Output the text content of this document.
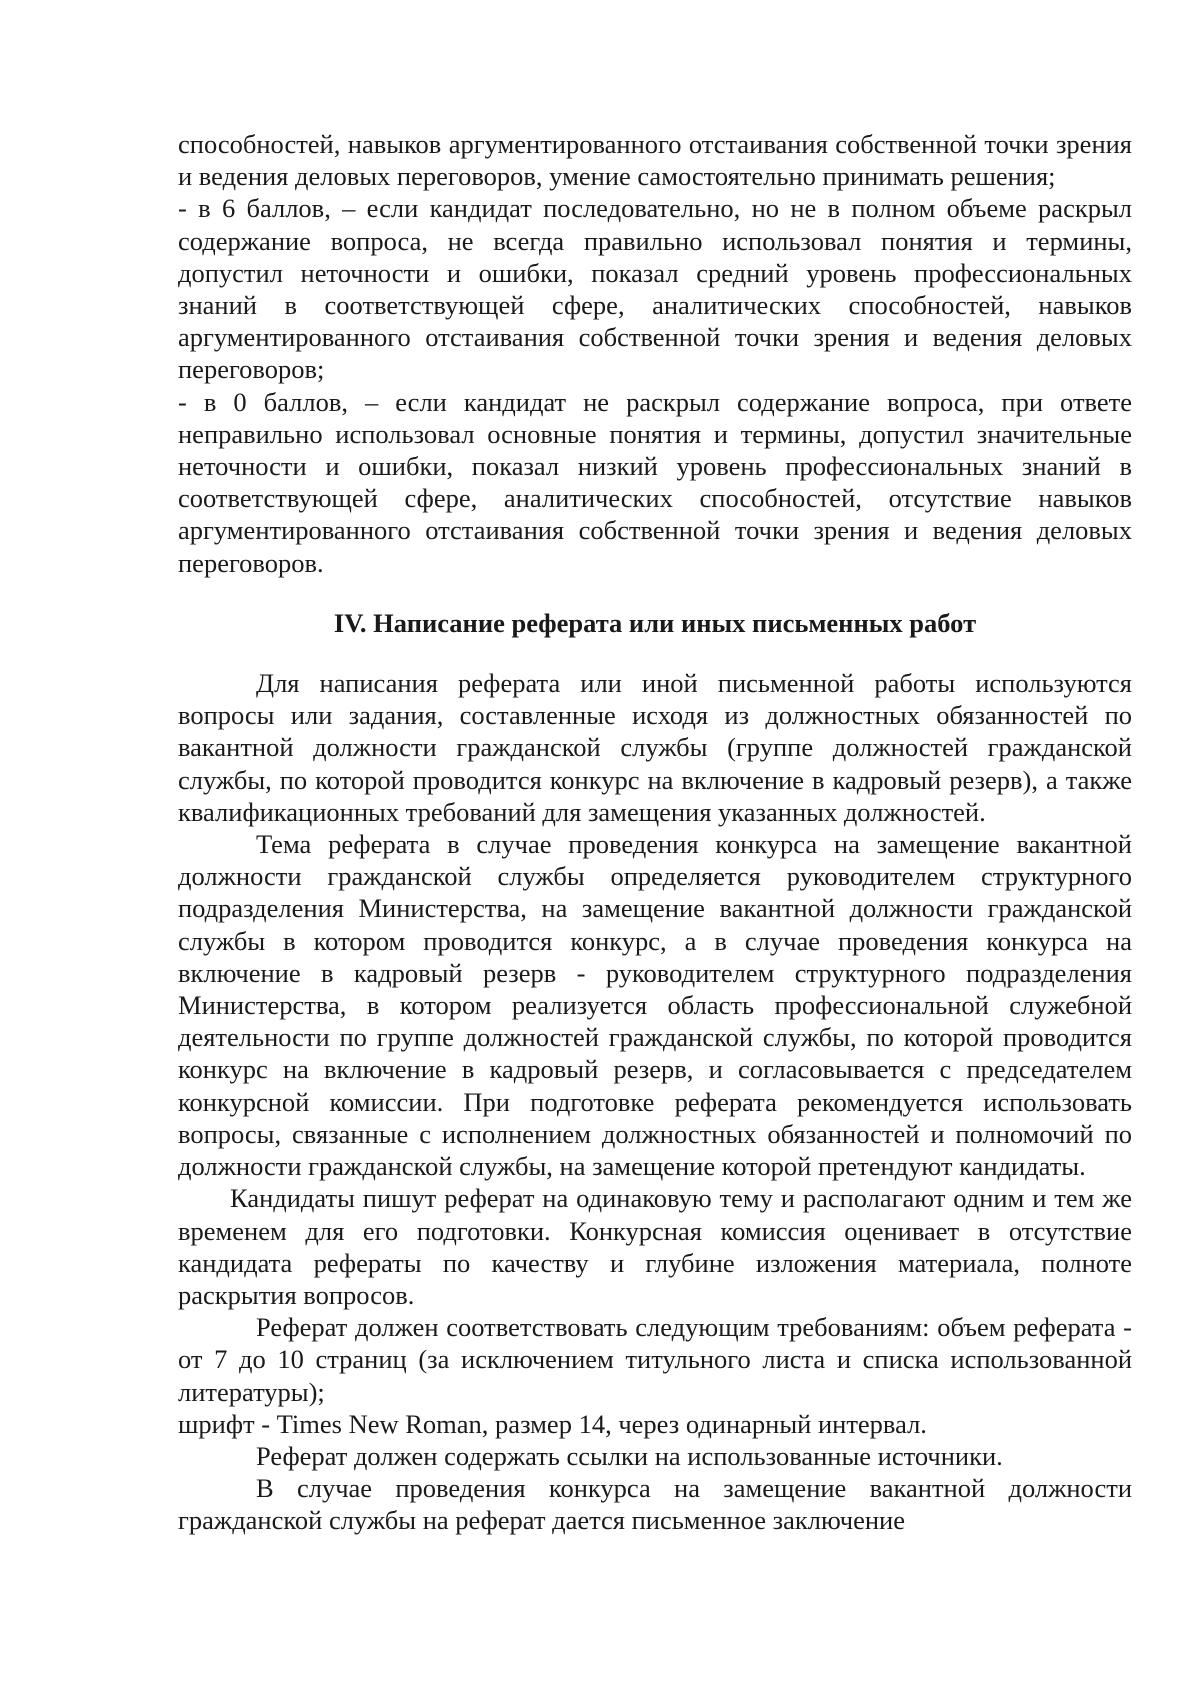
способностей, навыков аргументированного отстаивания собственной точки зрения и ведения деловых переговоров, умение самостоятельно принимать решения;

- в 6 баллов, – если кандидат последовательно, но не в полном объеме раскрыл содержание вопроса, не всегда правильно использовал понятия и термины, допустил неточности и ошибки, показал средний уровень профессиональных знаний в соответствующей сфере, аналитических способностей, навыков аргументированного отстаивания собственной точки зрения и ведения деловых переговоров;

- в 0 баллов, – если кандидат не раскрыл содержание вопроса, при ответе неправильно использовал основные понятия и термины, допустил значительные неточности и ошибки, показал низкий уровень профессиональных знаний в соответствующей сфере, аналитических способностей, отсутствие навыков аргументированного отстаивания собственной точки зрения и ведения деловых переговоров.

IV. Написание реферата или иных письменных работ

Для написания реферата или иной письменной работы используются вопросы или задания, составленные исходя из должностных обязанностей по вакантной должности гражданской службы (группе должностей гражданской службы, по которой проводится конкурс на включение в кадровый резерв), а также квалификационных требований для замещения указанных должностей.

Тема реферата в случае проведения конкурса на замещение вакантной должности гражданской службы определяется руководителем структурного подразделения Министерства, на замещение вакантной должности гражданской службы в котором проводится конкурс, а в случае проведения конкурса на включение в кадровый резерв - руководителем структурного подразделения Министерства, в котором реализуется область профессиональной служебной деятельности по группе должностей гражданской службы, по которой проводится конкурс на включение в кадровый резерв, и согласовывается с председателем конкурсной комиссии. При подготовке реферата рекомендуется использовать вопросы, связанные с исполнением должностных обязанностей и полномочий по должности гражданской службы, на замещение которой претендуют кандидаты.

Кандидаты пишут реферат на одинаковую тему и располагают одним и тем же временем для его подготовки. Конкурсная комиссия оценивает в отсутствие кандидата рефераты по качеству и глубине изложения материала, полноте раскрытия вопросов.

Реферат должен соответствовать следующим требованиям: объем реферата - от 7 до 10 страниц (за исключением титульного листа и списка использованной литературы);

шрифт - Times New Roman, размер 14, через одинарный интервал.

Реферат должен содержать ссылки на использованные источники.

В случае проведения конкурса на замещение вакантной должности гражданской службы на реферат дается письменное заключение
